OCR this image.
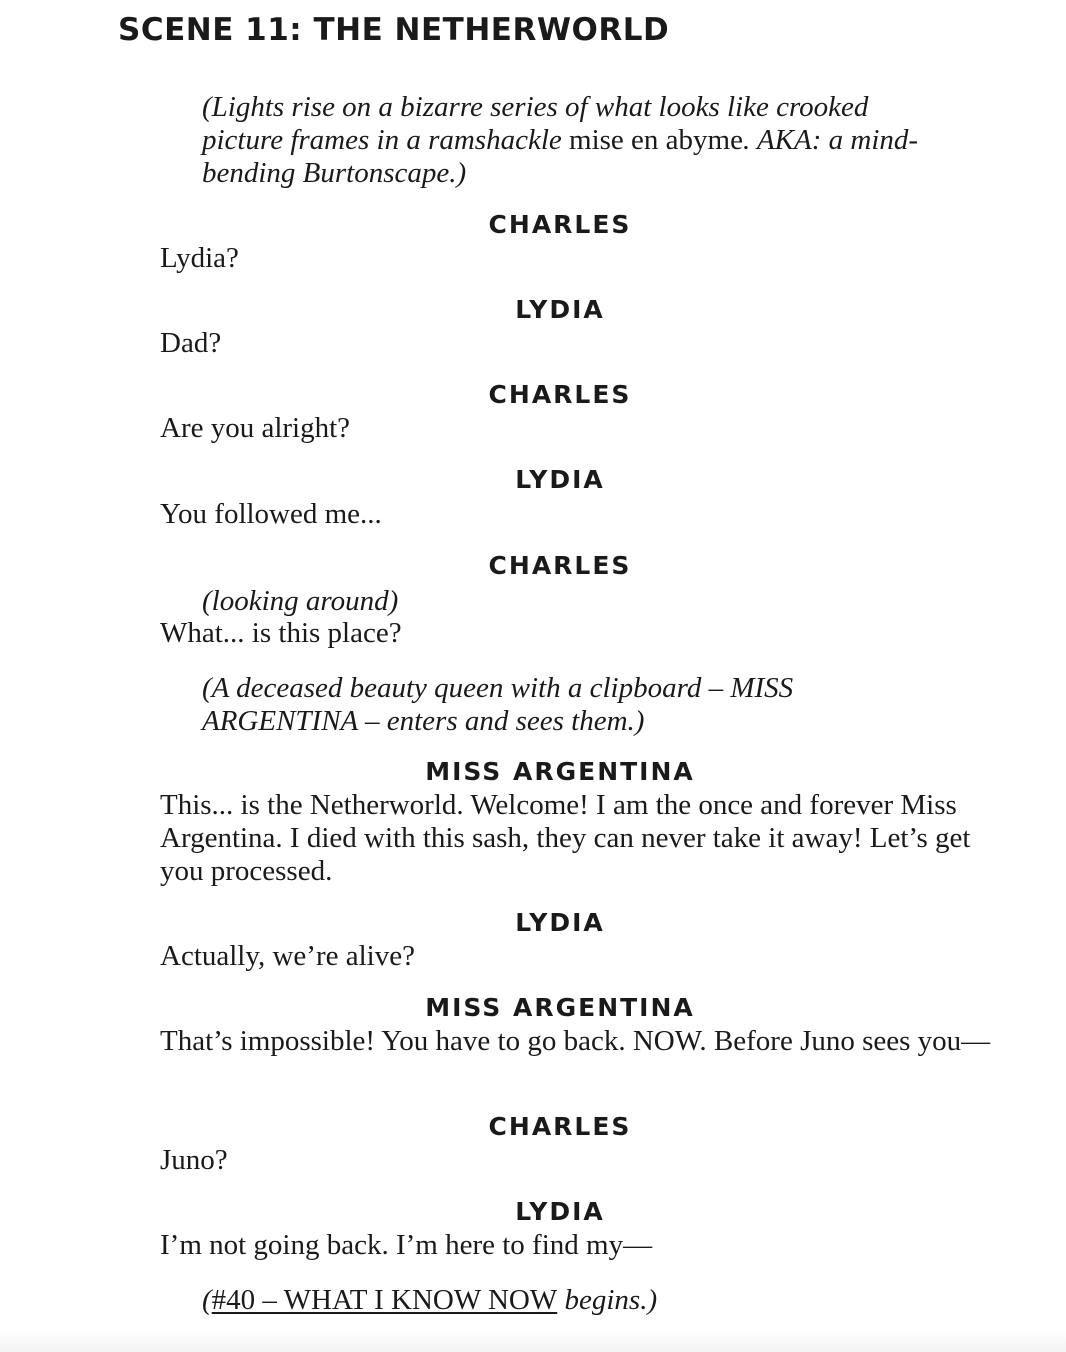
SCENE 11: THE NETHERWORLD
(Lights rise on a bizarre series of what looks like crooked picture frames in a ramshackle mise en abyme. AKA: a mind-bending Burtonscape.)
CHARLES
Lydia?
LYDIA
Dad?
CHARLES
Are you alright?
LYDIA
You followed me...
CHARLES
(looking around)
What... is this place?
(A deceased beauty queen with a clipboard – MISS ARGENTINA – enters and sees them.)
MISS ARGENTINA
This... is the Netherworld. Welcome! I am the once and forever Miss Argentina. I died with this sash, they can never take it away! Let’s get you processed.
LYDIA
Actually, we’re alive?
MISS ARGENTINA
That’s impossible! You have to go back. NOW. Before Juno sees you—
CHARLES
Juno?
LYDIA
I’m not going back. I’m here to find my—
(#40 – WHAT I KNOW NOW begins.)
